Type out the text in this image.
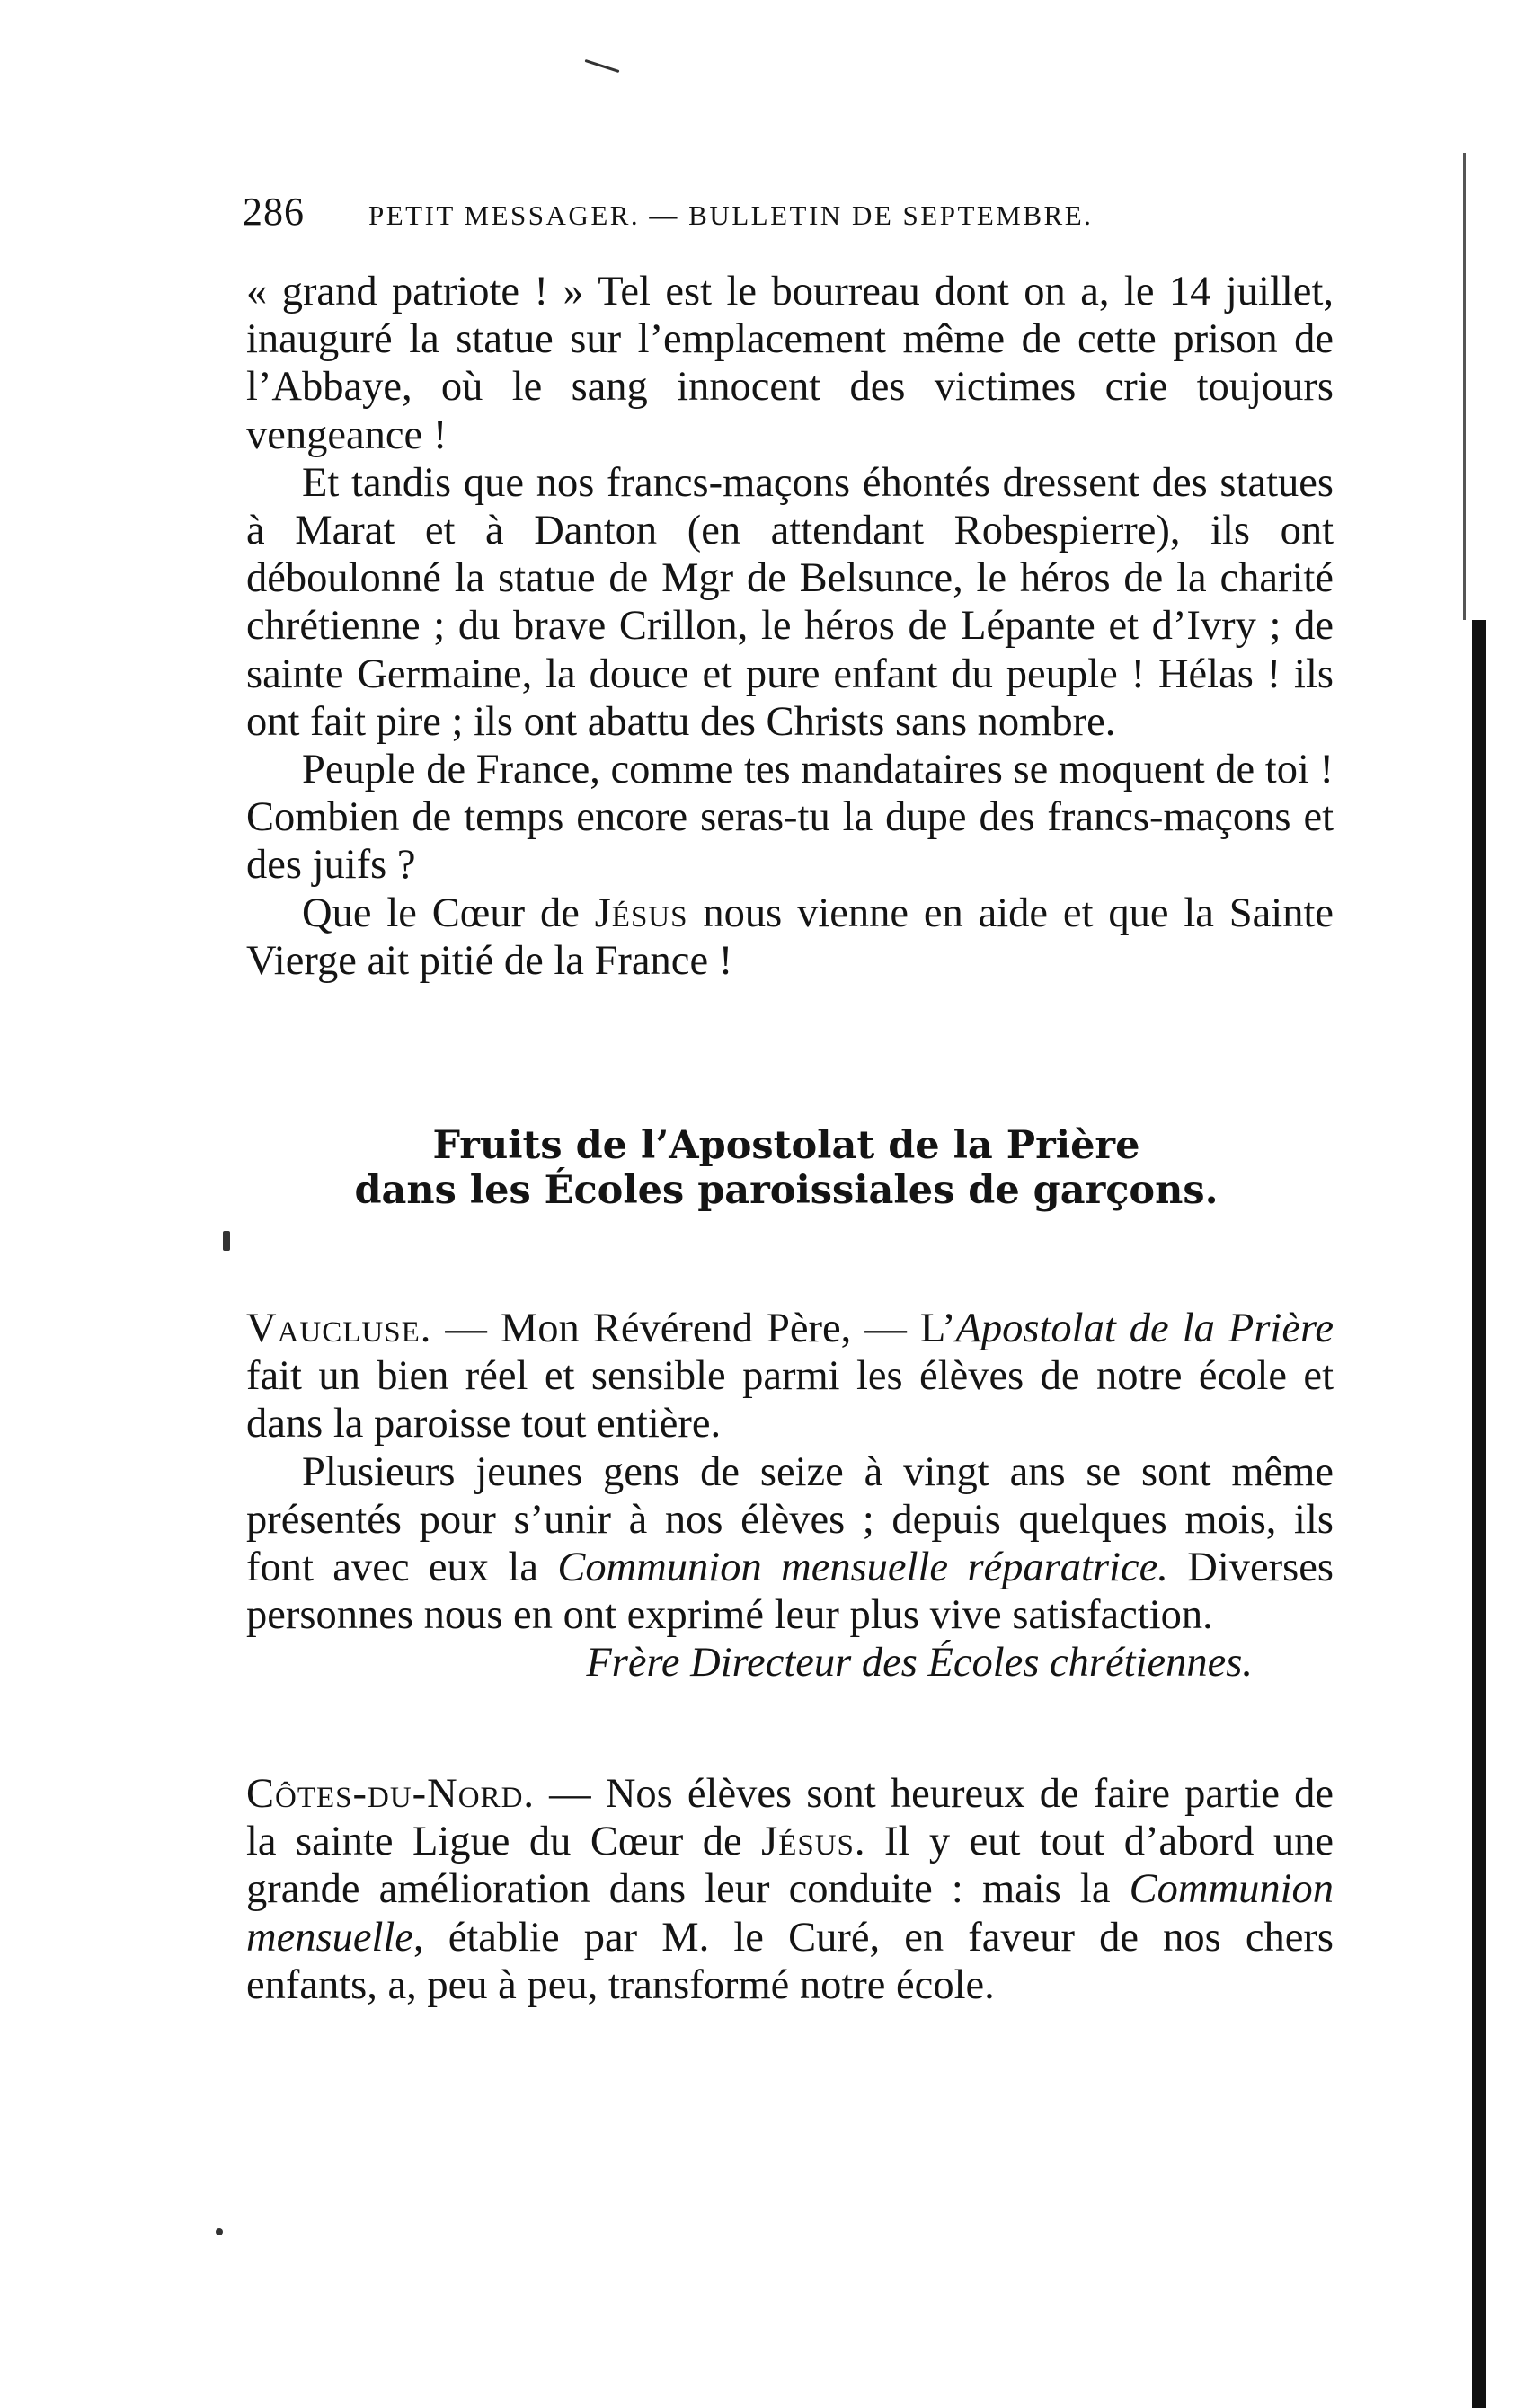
286 PETIT MESSAGER. — BULLETIN DE SEPTEMBRE.

« grand patriote ! » Tel est le bourreau dont on a, le 14 juillet, inauguré la statue sur l’emplacement même de cette prison de l’Abbaye, où le sang innocent des victimes crie toujours vengeance !

Et tandis que nos francs-maçons éhontés dressent des statues à Marat et à Danton (en attendant Robespierre), ils ont déboulonné la statue de Mgr de Belsunce, le héros de la charité chrétienne ; du brave Crillon, le héros de Lépante et d’Ivry ; de sainte Germaine, la douce et pure enfant du peuple ! Hélas ! ils ont fait pire ; ils ont abattu des Christs sans nombre.

Peuple de France, comme tes mandataires se moquent de toi ! Combien de temps encore seras-tu la dupe des francs-maçons et des juifs ?

Que le Cœur de Jésus nous vienne en aide et que la Sainte Vierge ait pitié de la France !

Fruits de l’Apostolat de la Prière
dans les Écoles paroissiales de garçons.

Vaucluse. — Mon Révérend Père, — L’Apostolat de la Prière fait un bien réel et sensible parmi les élèves de notre école et dans la paroisse tout entière.

Plusieurs jeunes gens de seize à vingt ans se sont même présentés pour s’unir à nos élèves ; depuis quelques mois, ils font avec eux la Communion mensuelle réparatrice. Diverses personnes nous en ont exprimé leur plus vive satisfaction.

Frère Directeur des Écoles chrétiennes.

Côtes-du-Nord. — Nos élèves sont heureux de faire partie de la sainte Ligue du Cœur de Jésus. Il y eut tout d’abord une grande amélioration dans leur conduite : mais la Communion mensuelle, établie par M. le Curé, en faveur de nos chers enfants, a, peu à peu, transformé notre école.
